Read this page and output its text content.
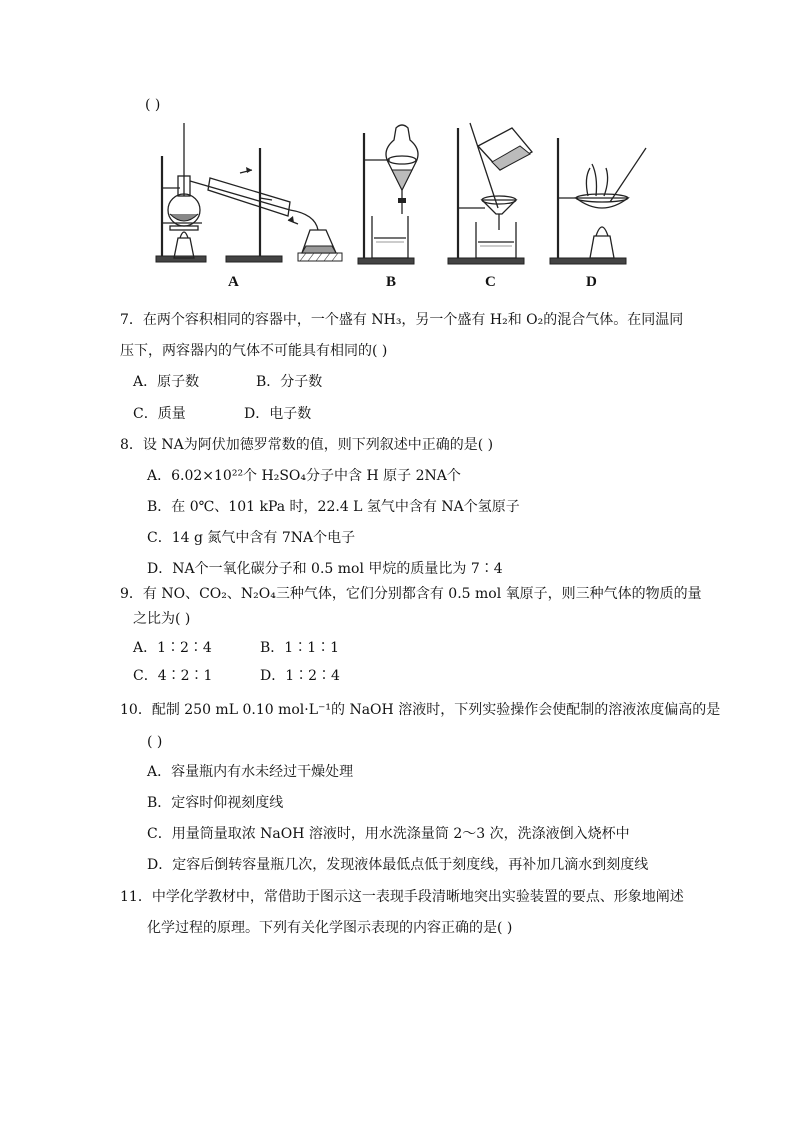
( )
A	B	C	D
7．在两个容积相同的容器中，一个盛有 NH₃，另一个盛有 H₂和 O₂的混合气体。在同温同
压下，两容器内的气体不可能具有相同的( )
A．原子数	B．分子数
C．质量	D．电子数
8．设 NA为阿伏加德罗常数的值，则下列叙述中正确的是( )
A．6.02×10²²个 H₂SO₄分子中含 H 原子 2NA个
B．在 0℃、101 kPa 时，22.4 L 氢气中含有 NA个氢原子
C．14 g 氮气中含有 7NA个电子
D．NA个一氧化碳分子和 0.5 mol 甲烷的质量比为 7∶4
9．有 NO、CO₂、N₂O₄三种气体，它们分别都含有 0.5 mol 氧原子，则三种气体的物质的量
之比为( )
A．1∶2∶4	B．1∶1∶1
C．4∶2∶1	D．1∶2∶4
10．配制 250 mL 0.10 mol·L⁻¹的 NaOH 溶液时，下列实验操作会使配制的溶液浓度偏高的是
( )
A．容量瓶内有水未经过干燥处理
B．定容时仰视刻度线
C．用量筒量取浓 NaOH 溶液时，用水洗涤量筒 2～3 次，洗涤液倒入烧杯中
D．定容后倒转容量瓶几次，发现液体最低点低于刻度线，再补加几滴水到刻度线
11．中学化学教材中，常借助于图示这一表现手段清晰地突出实验装置的要点、形象地阐述
化学过程的原理。下列有关化学图示表现的内容正确的是( )
